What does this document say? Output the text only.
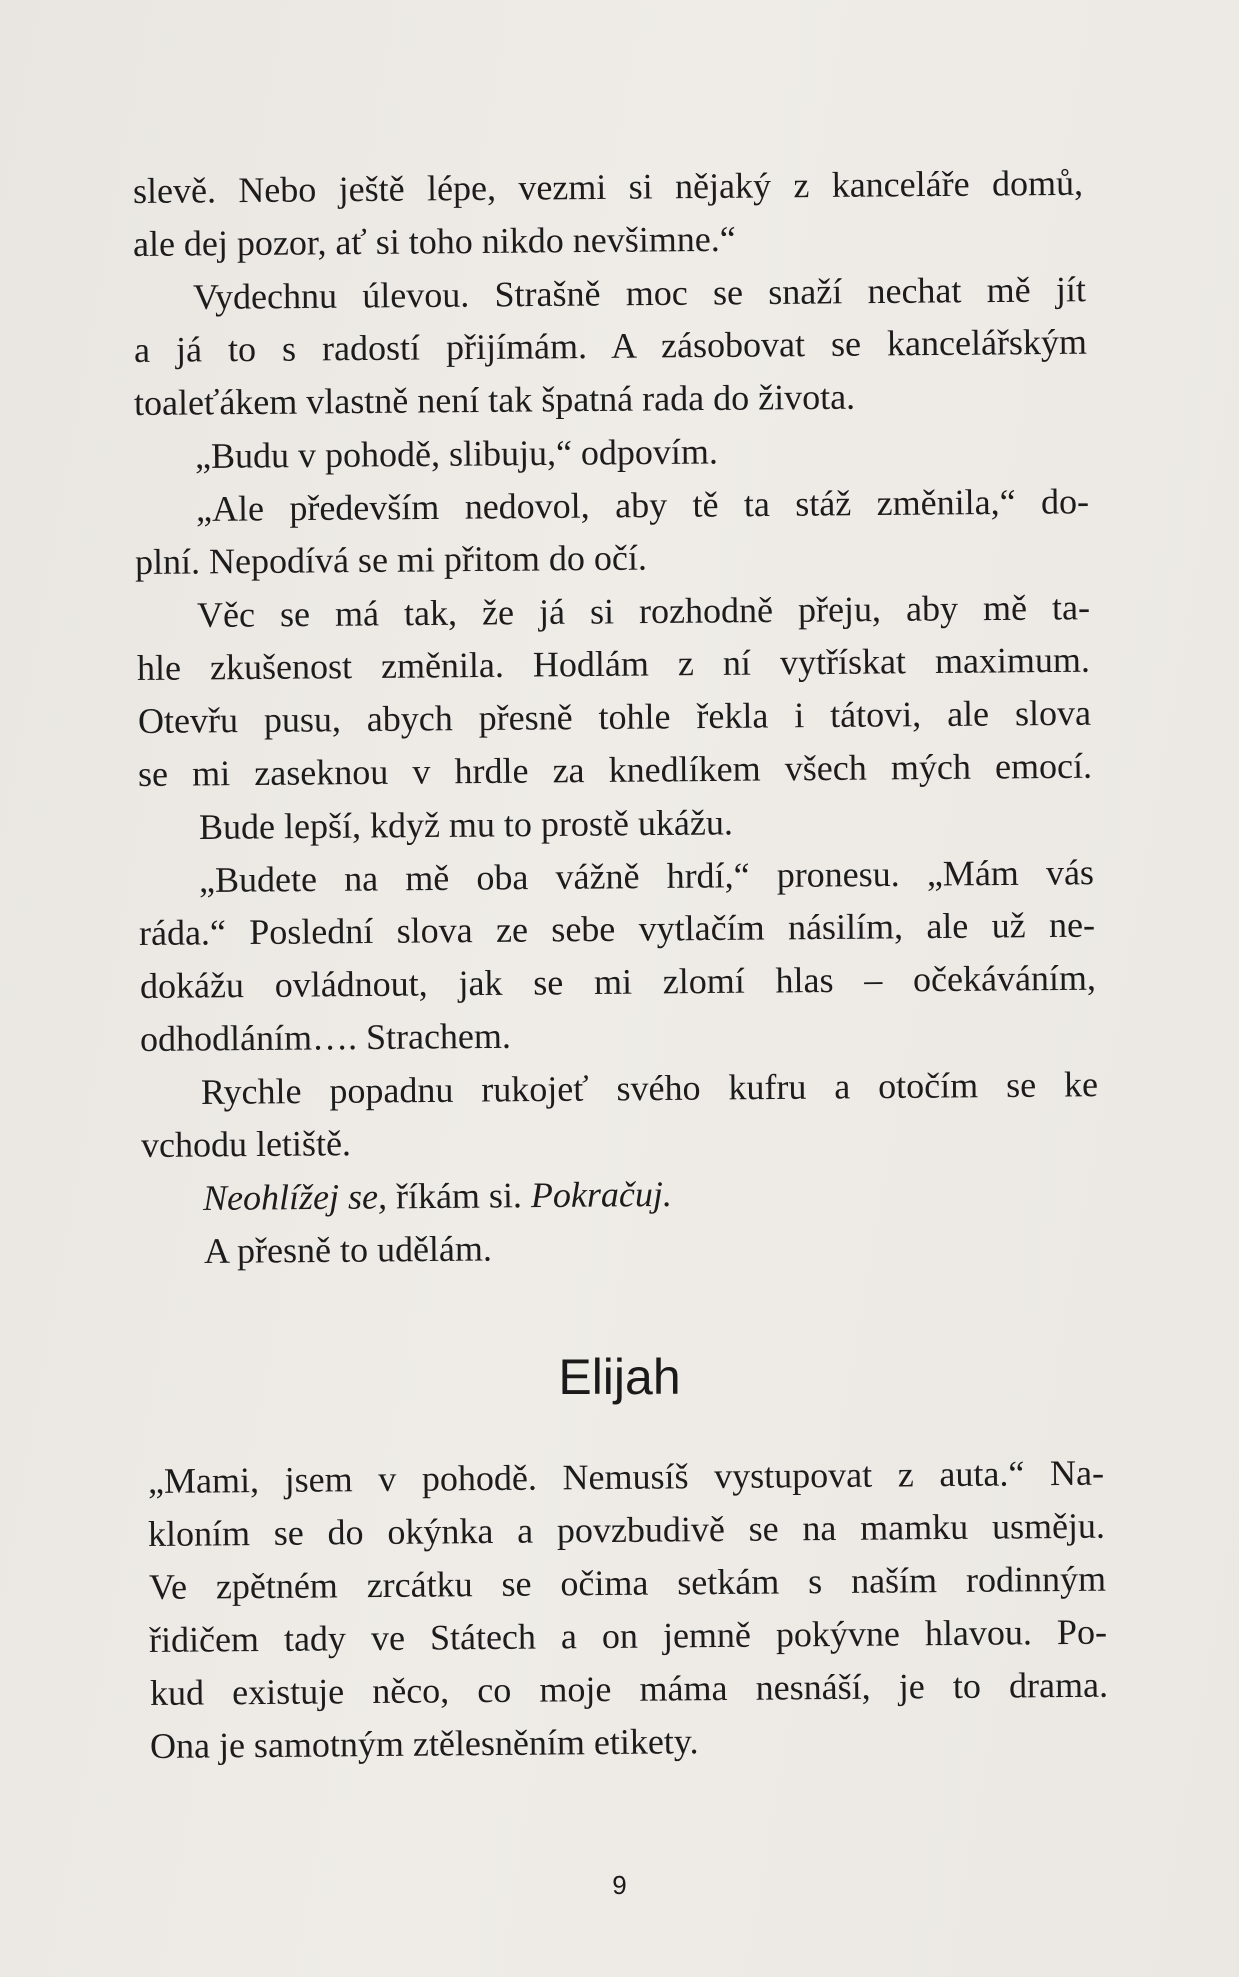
slevě. Nebo ještě lépe, vezmi si nějaký z kanceláře domů,
ale dej pozor, ať si toho nikdo nevšimne.“
Vydechnu úlevou. Strašně moc se snaží nechat mě jít
a já to s radostí přijímám. A zásobovat se kancelářským
toaleťákem vlastně není tak špatná rada do života.
„Budu v pohodě, slibuju,“ odpovím.
„Ale především nedovol, aby tě ta stáž změnila,“ do-
plní. Nepodívá se mi přitom do očí.
Věc se má tak, že já si rozhodně přeju, aby mě ta-
hle zkušenost změnila. Hodlám z ní vytřískat maximum.
Otevřu pusu, abych přesně tohle řekla i tátovi, ale slova
se mi zaseknou v hrdle za knedlíkem všech mých emocí.
Bude lepší, když mu to prostě ukážu.
„Budete na mě oba vážně hrdí,“ pronesu. „Mám vás
ráda.“ Poslední slova ze sebe vytlačím násilím, ale už ne-
dokážu ovládnout, jak se mi zlomí hlas – očekáváním,
odhodláním…. Strachem.
Rychle popadnu rukojeť svého kufru a otočím se ke
vchodu letiště.
Neohlížej se, říkám si. Pokračuj.
A přesně to udělám.
Elijah
„Mami, jsem v pohodě. Nemusíš vystupovat z auta.“ Na-
kloním se do okýnka a povzbudivě se na mamku usměju.
Ve zpětném zrcátku se očima setkám s naším rodinným
řidičem tady ve Státech a on jemně pokývne hlavou. Po-
kud existuje něco, co moje máma nesnáší, je to drama.
Ona je samotným ztělesněním etikety.
9
